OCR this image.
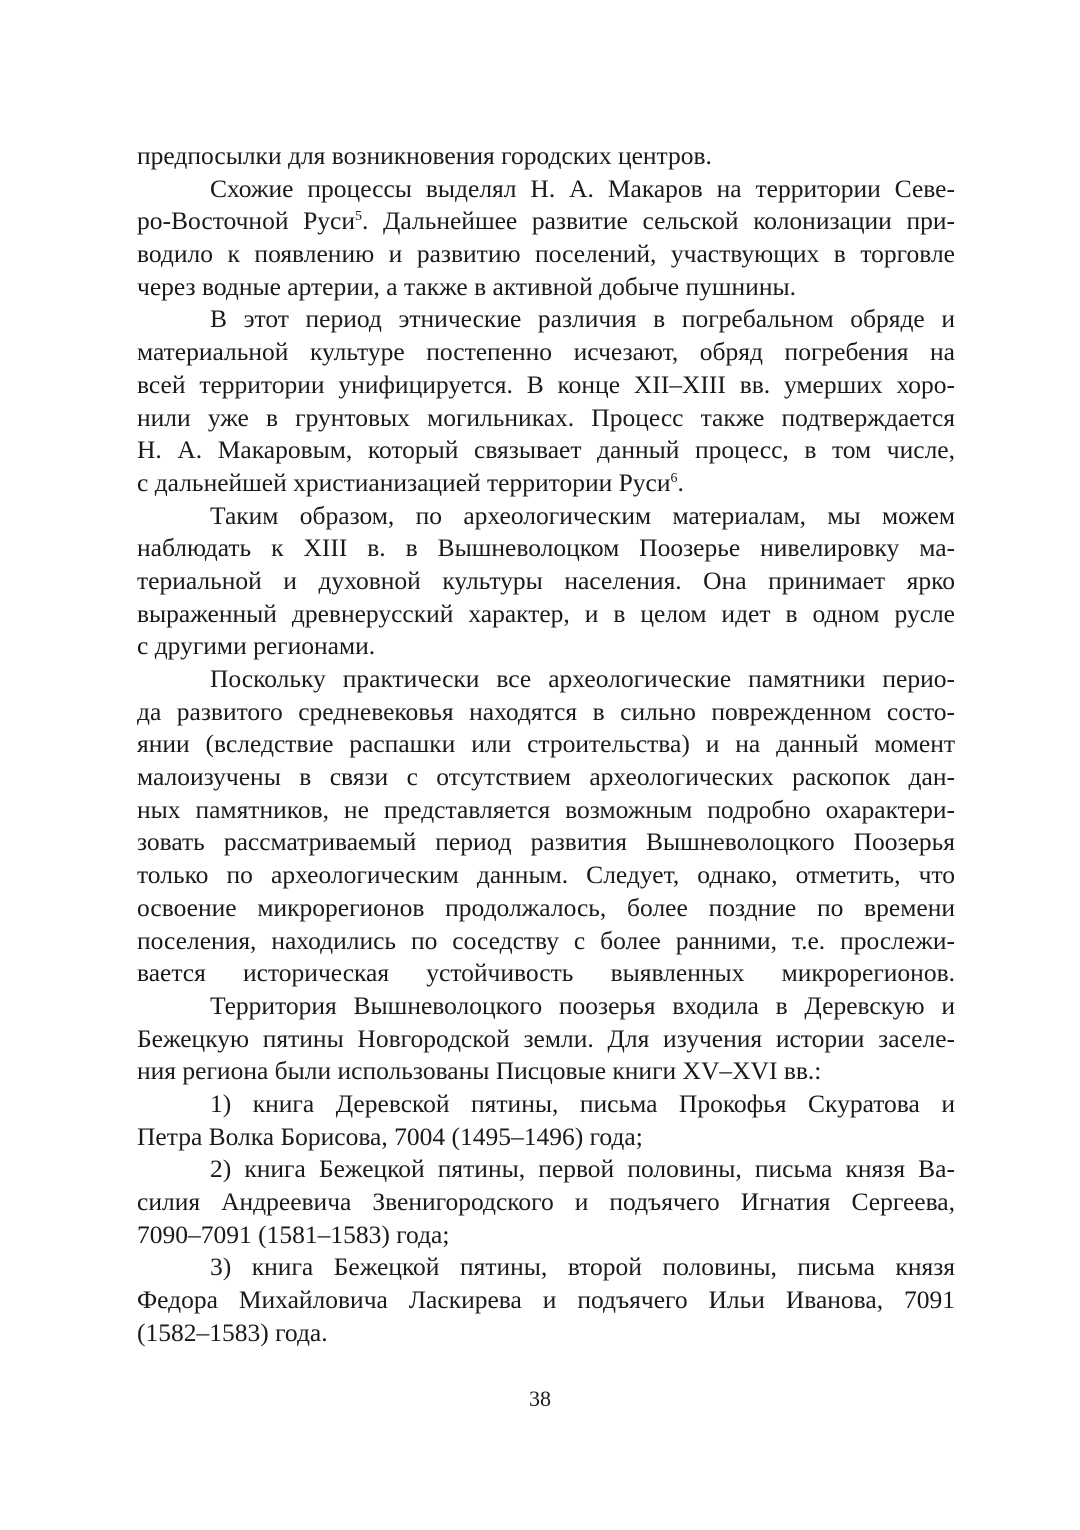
предпосылки для возникновения городских центров.
Схожие процессы выделял Н. А. Макаров на территории Севе-
ро-Восточной Руси$^5$. Дальнейшее развитие сельской колонизации при-
водило к появлению и развитию поселений, участвующих в торговле
через водные артерии, а также в активной добыче пушнины.
В этот период этнические различия в погребальном обряде и
материальной культуре постепенно исчезают, обряд погребения на
всей территории унифицируется. В конце XII–XIII вв. умерших хоро-
нили уже в грунтовых могильниках. Процесс также подтверждается
Н. А. Макаровым, который связывает данный процесс, в том числе,
с дальнейшей христианизацией территории Руси$^6$.
Таким образом, по археологическим материалам, мы можем
наблюдать к XIII в. в Вышневолоцком Поозерье нивелировку ма-
териальной и духовной культуры населения. Она принимает ярко
выраженный древнерусский характер, и в целом идет в одном русле
с другими регионами.
Поскольку практически все археологические памятники перио-
да развитого средневековья находятся в сильно поврежденном состо-
янии (вследствие распашки или строительства) и на данный момент
малоизучены в связи с отсутствием археологических раскопок дан-
ных памятников, не представляется возможным подробно охарактери-
зовать рассматриваемый период развития Вышневолоцкого Поозерья
только по археологическим данным. Следует, однако, отметить, что
освоение микрорегионов продолжалось, более поздние по времени
поселения, находились по соседству с более ранними, т.е. прослежи-
вается историческая устойчивость выявленных микрорегионов.
Территория Вышневолоцкого поозерья входила в Деревскую и
Бежецкую пятины Новгородской земли. Для изучения истории заселе-
ния региона были использованы Писцовые книги XV–XVI вв.:
1) книга Деревской пятины, письма Прокофья Скуратова и
Петра Волка Борисова, 7004 (1495–1496) года;
2) книга Бежецкой пятины, первой половины, письма князя Ва-
силия Андреевича Звенигородского и подъячего Игнатия Сергеева,
7090–7091 (1581–1583) года;
3) книга Бежецкой пятины, второй половины, письма князя
Федора Михайловича Ласкирева и подъячего Ильи Иванова, 7091
(1582–1583) года.
38
